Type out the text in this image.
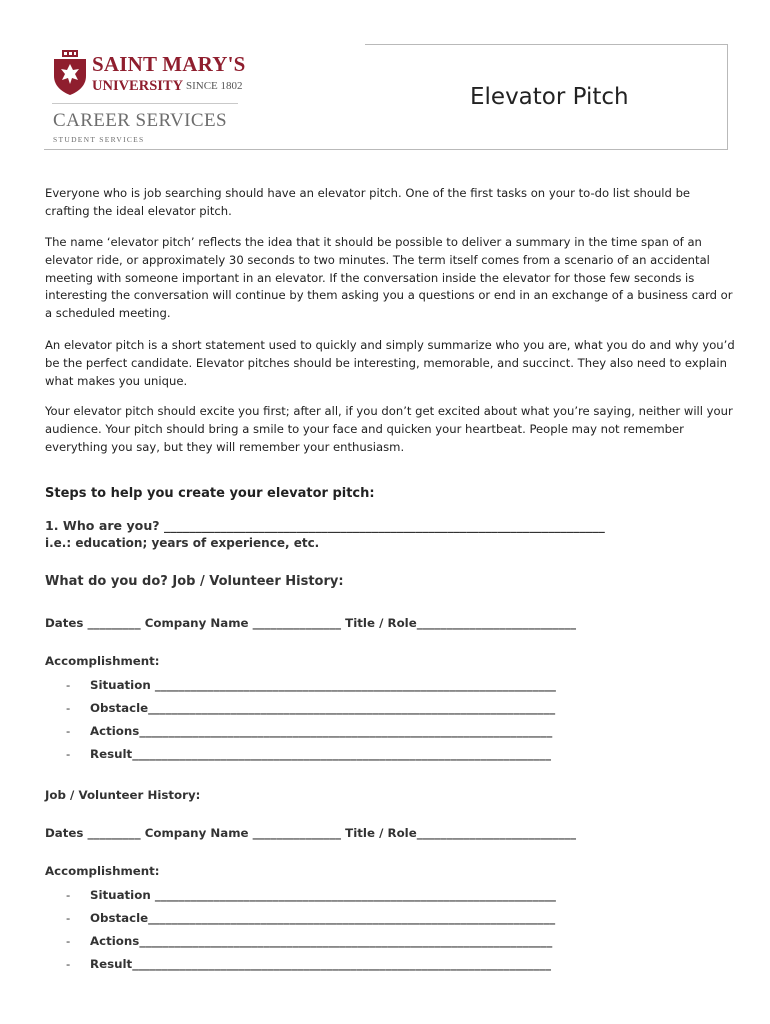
SAINT MARY'S
UNIVERSITY SINCE 1802
CAREER SERVICES
STUDENT SERVICES
Elevator Pitch
Everyone who is job searching should have an elevator pitch. One of the first tasks on your to-do list should be crafting the ideal elevator pitch.
The name ‘elevator pitch’ reflects the idea that it should be possible to deliver a summary in the time span of an elevator ride, or approximately 30 seconds to two minutes. The term itself comes from a scenario of an accidental meeting with someone important in an elevator. If the conversation inside the elevator for those few seconds is interesting the conversation will continue by them asking you a questions or end in an exchange of a business card or a scheduled meeting.
An elevator pitch is a short statement used to quickly and simply summarize who you are, what you do and why you’d be the perfect candidate. Elevator pitches should be interesting, memorable, and succinct. They also need to explain what makes you unique.
Your elevator pitch should excite you first; after all, if you don’t get excited about what you’re saying, neither will your audience. Your pitch should bring a smile to your face and quicken your heartbeat. People may not remember everything you say, but they will remember your enthusiasm.
Steps to help you create your elevator pitch:
1. Who are you? ______________________________________________________________________
i.e.: education; years of experience, etc.
What do you do? Job / Volunteer History:
Dates _________ Company Name _______________ Title / Role___________________________
Accomplishment:
- Situation ____________________________________________________________________
- Obstacle_____________________________________________________________________
- Actions______________________________________________________________________
- Result_______________________________________________________________________
Job / Volunteer History:
Dates _________ Company Name _______________ Title / Role___________________________
Accomplishment:
- Situation ____________________________________________________________________
- Obstacle_____________________________________________________________________
- Actions______________________________________________________________________
- Result_______________________________________________________________________
